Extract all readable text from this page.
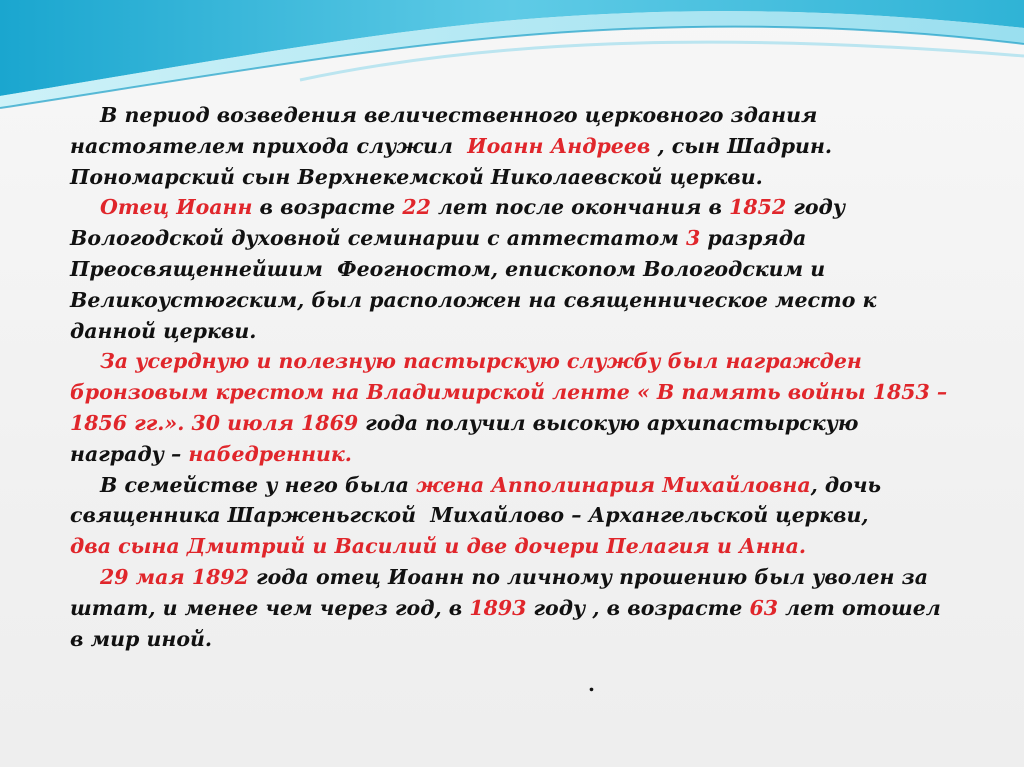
В период возведения величественного церковного здания
настоятелем прихода служил  Иоанн Андреев , сын Шадрин.
Пономарский сын Верхнекемской Николаевской церкви.
Отец Иоанн в возрасте 22 лет после окончания в 1852 году
Вологодской духовной семинарии с аттестатом 3 разряда
Преосвященнейшим  Феогностом, епископом Вологодским и
Великоустюгским, был расположен на священническое место к
данной церкви.
За усердную и полезную пастырскую службу был награжден
бронзовым крестом на Владимирской ленте « В память войны 1853 –
1856 гг.». 30 июля 1869 года получил высокую архипастырскую
награду – набедренник.
В семействе у него была жена Апполинария Михайловна, дочь
священника Шарженьгской  Михайлово – Архангельской церкви,
два сына Дмитрий и Василий и две дочери Пелагия и Анна.
29 мая 1892 года отец Иоанн по личному прошению был уволен за
штат, и менее чем через год, в 1893 году , в возрасте 63 лет отошел
в мир иной.
.
